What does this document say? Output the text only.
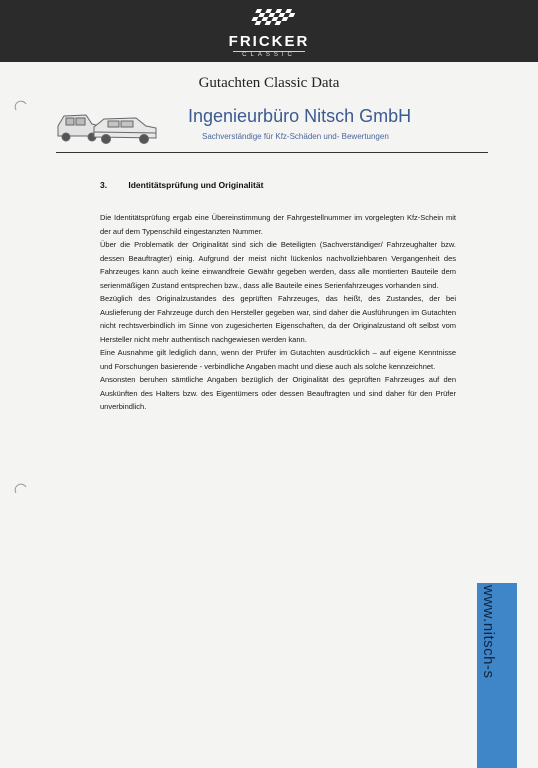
FRICKER
CLASSIC
Gutachten Classic Data
Ingenieurbüro Nitsch GmbH
Sachverständige für Kfz-Schäden und- Bewertungen
3.	Identitätsprüfung und Originalität

Die Identitätsprüfung ergab eine Übereinstimmung der Fahrgestellnummer im vorgelegten Kfz-Schein mit der auf dem Typenschild eingestanzten Nummer.

Über die Problematik der Originalität sind sich die Beteiligten (Sachverständiger/ Fahrzeughalter bzw. dessen Beauftragter) einig. Aufgrund der meist nicht lückenlos nachvollziehbaren Vergangenheit des Fahrzeuges kann auch keine einwandfreie Gewähr gegeben werden, dass alle montierten Bauteile dem serienmäßigen Zustand entsprechen bzw., dass alle Bauteile eines Serienfahrzeuges vorhanden sind.

Bezüglich des Originalzustandes des geprüften Fahrzeuges, das heißt, des Zustandes, der bei Auslieferung der Fahrzeuge durch den Hersteller gegeben war, sind daher die Ausführungen im Gutachten nicht rechtsverbindlich im Sinne von zugesicherten Eigenschaften, da der Originalzustand oft selbst vom Hersteller nicht mehr authentisch nachgewiesen werden kann.

Eine Ausnahme gilt lediglich dann, wenn der Prüfer im Gutachten ausdrücklich – auf eigene Kenntnisse und Forschungen basierende - verbindliche Angaben macht und diese auch als solche kennzeichnet.

Ansonsten beruhen sämtliche Angaben bezüglich der Originalität des geprüften Fahrzeuges auf den Auskünften des Halters bzw. des Eigentümers oder dessen Beauftragten und sind daher für den Prüfer unverbindlich.

www.nitsch-s
